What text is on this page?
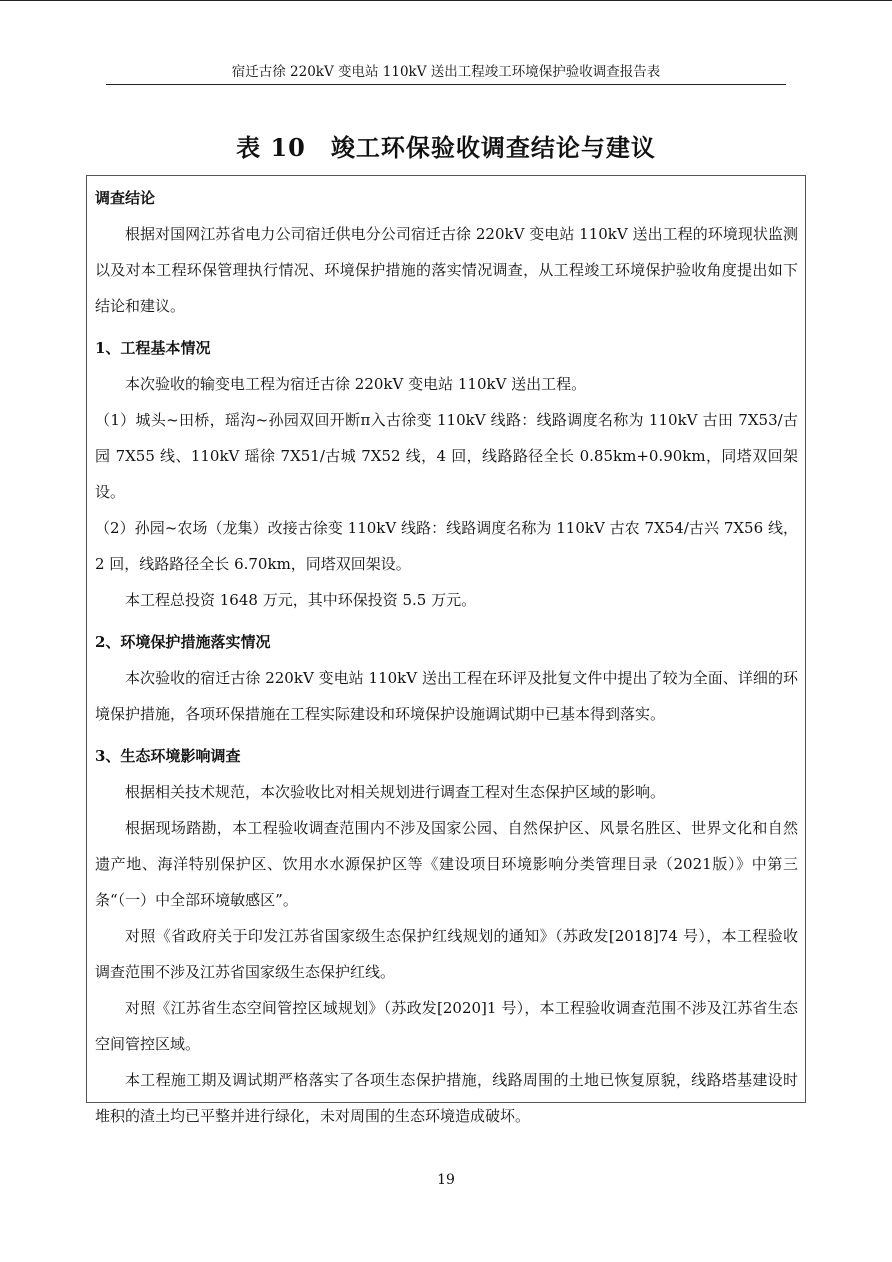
宿迁古徐 220kV 变电站 110kV 送出工程竣工环境保护验收调查报告表
表 10　竣工环保验收调查结论与建议

调查结论

根据对国网江苏省电力公司宿迁供电分公司宿迁古徐 220kV 变电站 110kV 送出工程的环境现状监测以及对本工程环保管理执行情况、环境保护措施的落实情况调查，从工程竣工环境保护验收角度提出如下结论和建议。

1、工程基本情况

本次验收的输变电工程为宿迁古徐 220kV 变电站 110kV 送出工程。

（1）城头~田桥，瑶沟~孙园双回开断π入古徐变 110kV 线路：线路调度名称为 110kV 古田 7X53/古园 7X55 线、110kV 瑶徐 7X51/古城 7X52 线，4 回，线路路径全长 0.85km+0.90km，同塔双回架设。

（2）孙园~农场（龙集）改接古徐变 110kV 线路：线路调度名称为 110kV 古农 7X54/古兴 7X56 线，2 回，线路路径全长 6.70km，同塔双回架设。

本工程总投资 1648 万元，其中环保投资 5.5 万元。

2、环境保护措施落实情况

本次验收的宿迁古徐 220kV 变电站 110kV 送出工程在环评及批复文件中提出了较为全面、详细的环境保护措施，各项环保措施在工程实际建设和环境保护设施调试期中已基本得到落实。

3、生态环境影响调查

根据相关技术规范，本次验收比对相关规划进行调查工程对生态保护区域的影响。

根据现场踏勘，本工程验收调查范围内不涉及国家公园、自然保护区、风景名胜区、世界文化和自然遗产地、海洋特别保护区、饮用水水源保护区等《建设项目环境影响分类管理目录（2021版）》中第三条“（一）中全部环境敏感区”。

对照《省政府关于印发江苏省国家级生态保护红线规划的通知》（苏政发[2018]74 号），本工程验收调查范围不涉及江苏省国家级生态保护红线。

对照《江苏省生态空间管控区域规划》（苏政发[2020]1 号），本工程验收调查范围不涉及江苏省生态空间管控区域。

本工程施工期及调试期严格落实了各项生态保护措施，线路周围的土地已恢复原貌，线路塔基建设时堆积的渣土均已平整并进行绿化，未对周围的生态环境造成破坏。

19
